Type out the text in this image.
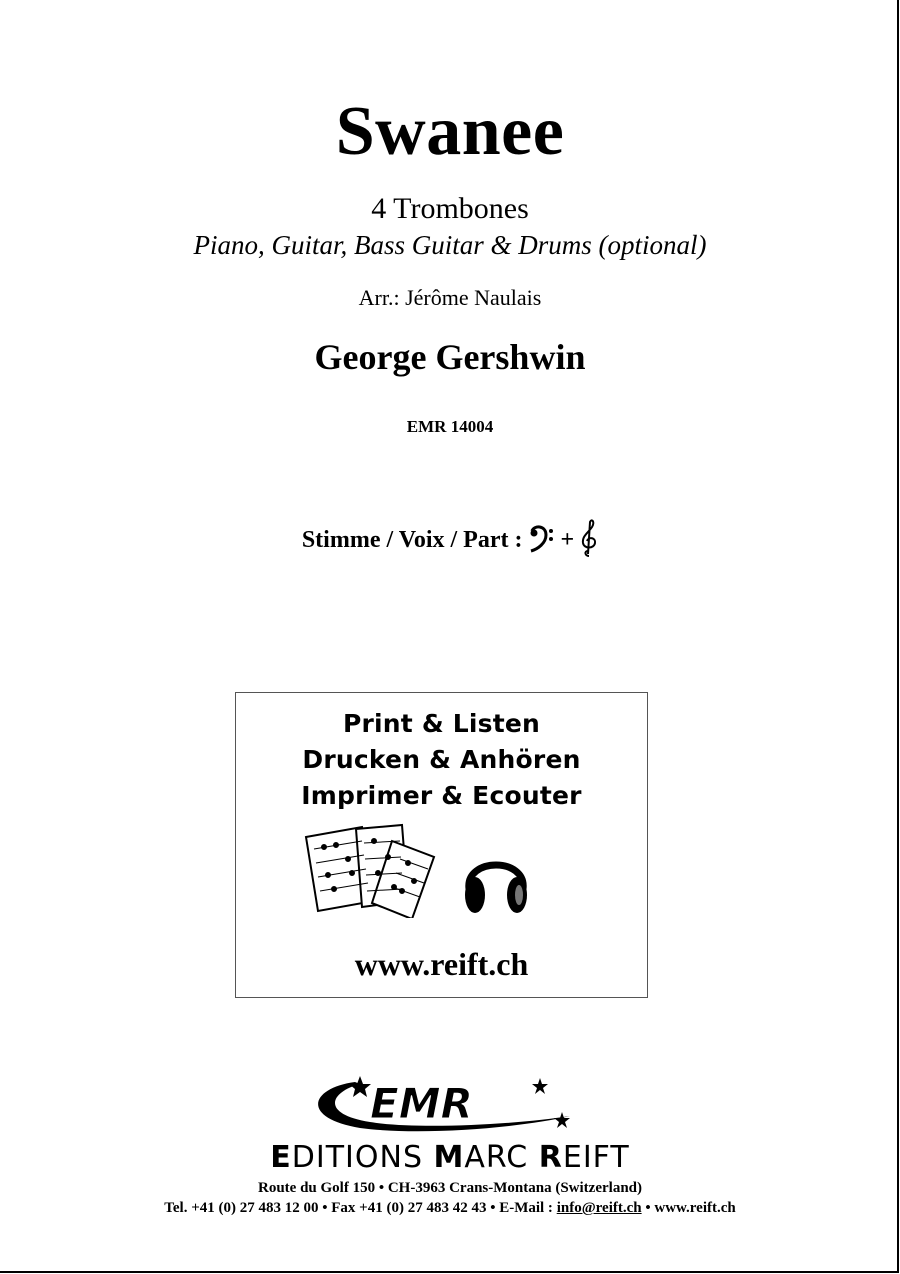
Swanee
4 Trombones
Piano, Guitar, Bass Guitar & Drums (optional)
Arr.: Jérôme Naulais
George Gershwin
EMR 14004
Stimme / Voix / Part : +
Print & Listen
Drucken & Anhören
Imprimer & Ecouter
www.reift.ch
EMR
EDITIONS MARC REIFT
Route du Golf 150 • CH-3963 Crans-Montana (Switzerland)
Tel. +41 (0) 27 483 12 00 • Fax +41 (0) 27 483 42 43 • E-Mail : info@reift.ch • www.reift.ch
